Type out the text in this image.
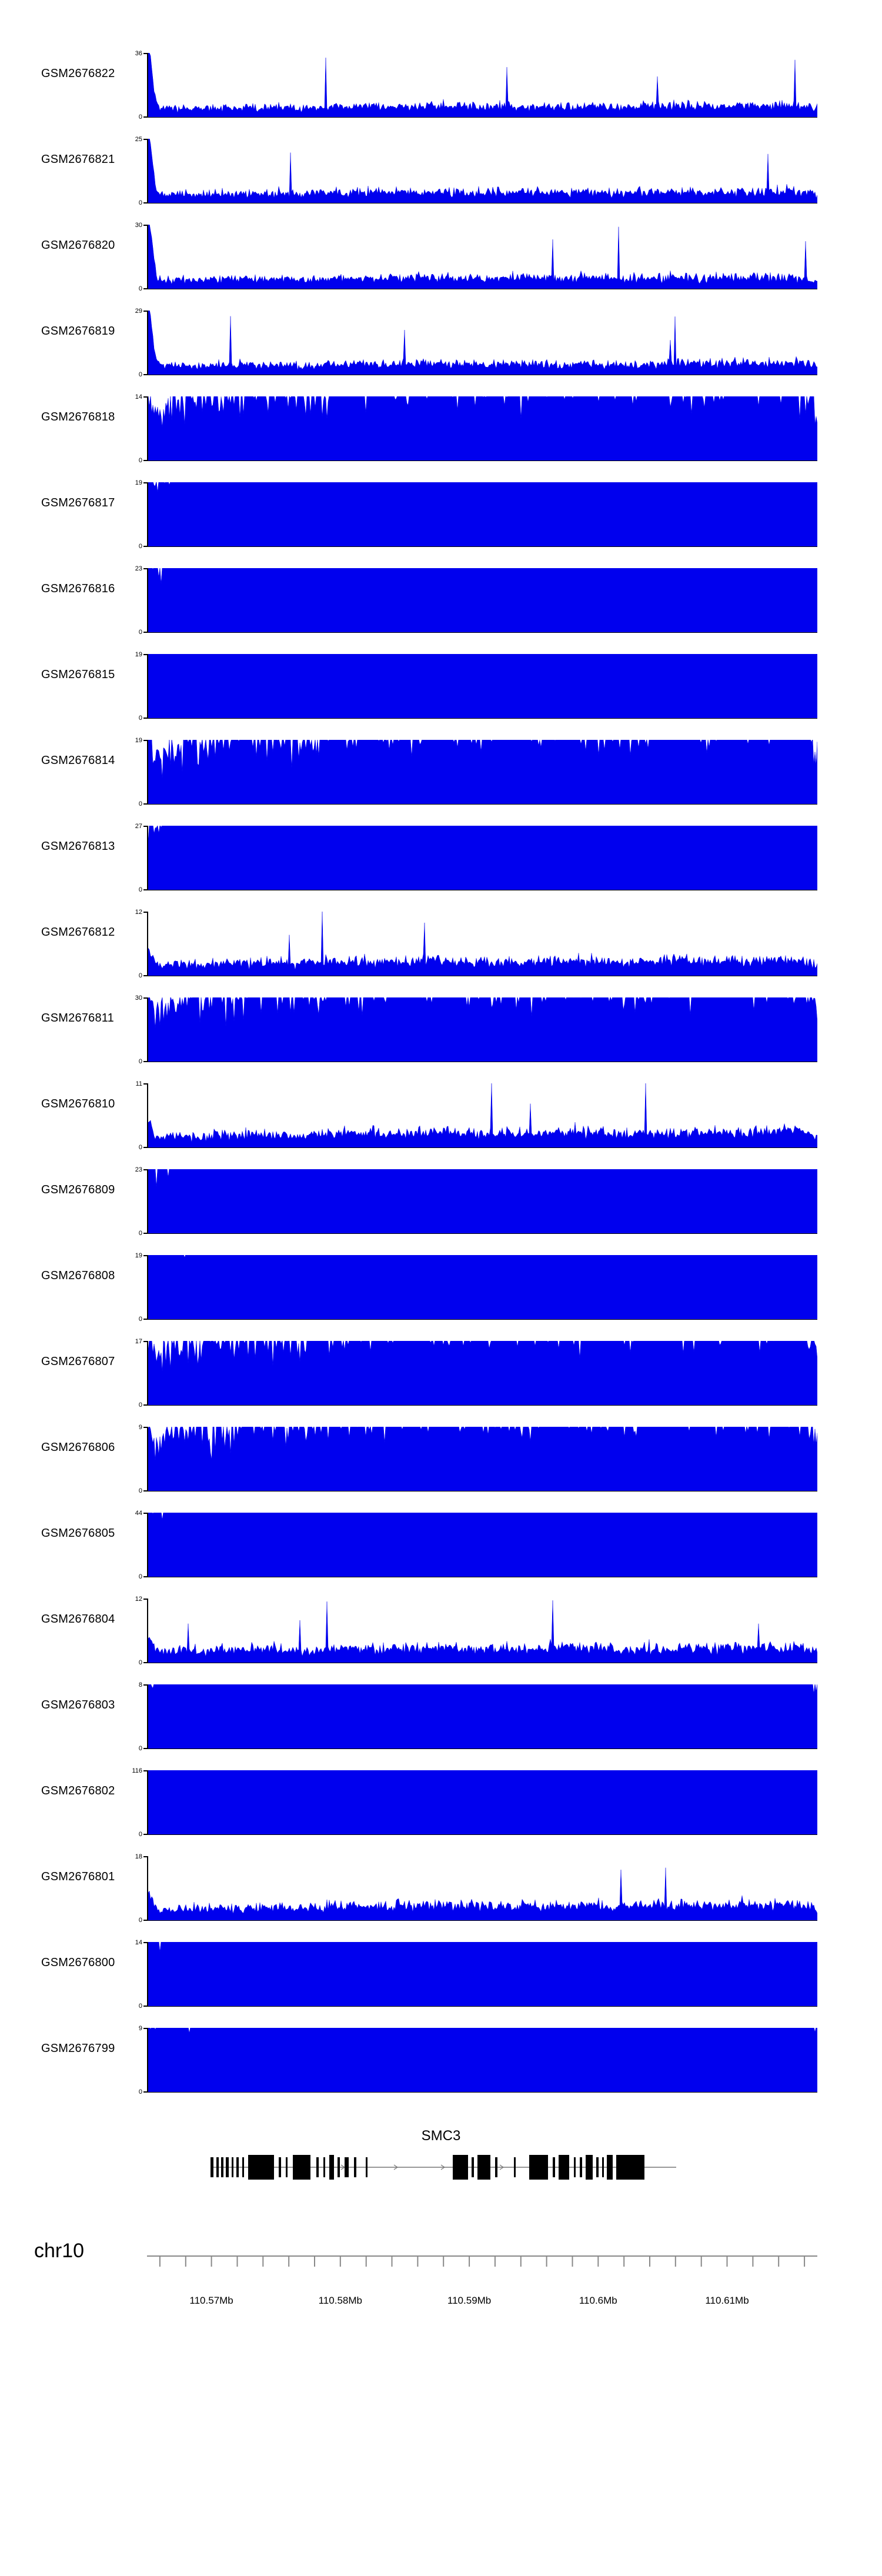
GSM2676822
36
0
GSM2676821
25
0
GSM2676820
30
0
GSM2676819
29
0
GSM2676818
14
0
GSM2676817
19
0
GSM2676816
23
0
GSM2676815
19
0
GSM2676814
19
0
GSM2676813
27
0
GSM2676812
12
0
GSM2676811
30
0
GSM2676810
11
0
GSM2676809
23
0
GSM2676808
19
0
GSM2676807
17
0
GSM2676806
9
0
GSM2676805
44
0
GSM2676804
12
0
GSM2676803
8
0
GSM2676802
116
0
GSM2676801
18
0
GSM2676800
14
0
GSM2676799
9
0
SMC3
chr10
110.57Mb	110.58Mb	110.59Mb	110.6Mb	110.61Mb
